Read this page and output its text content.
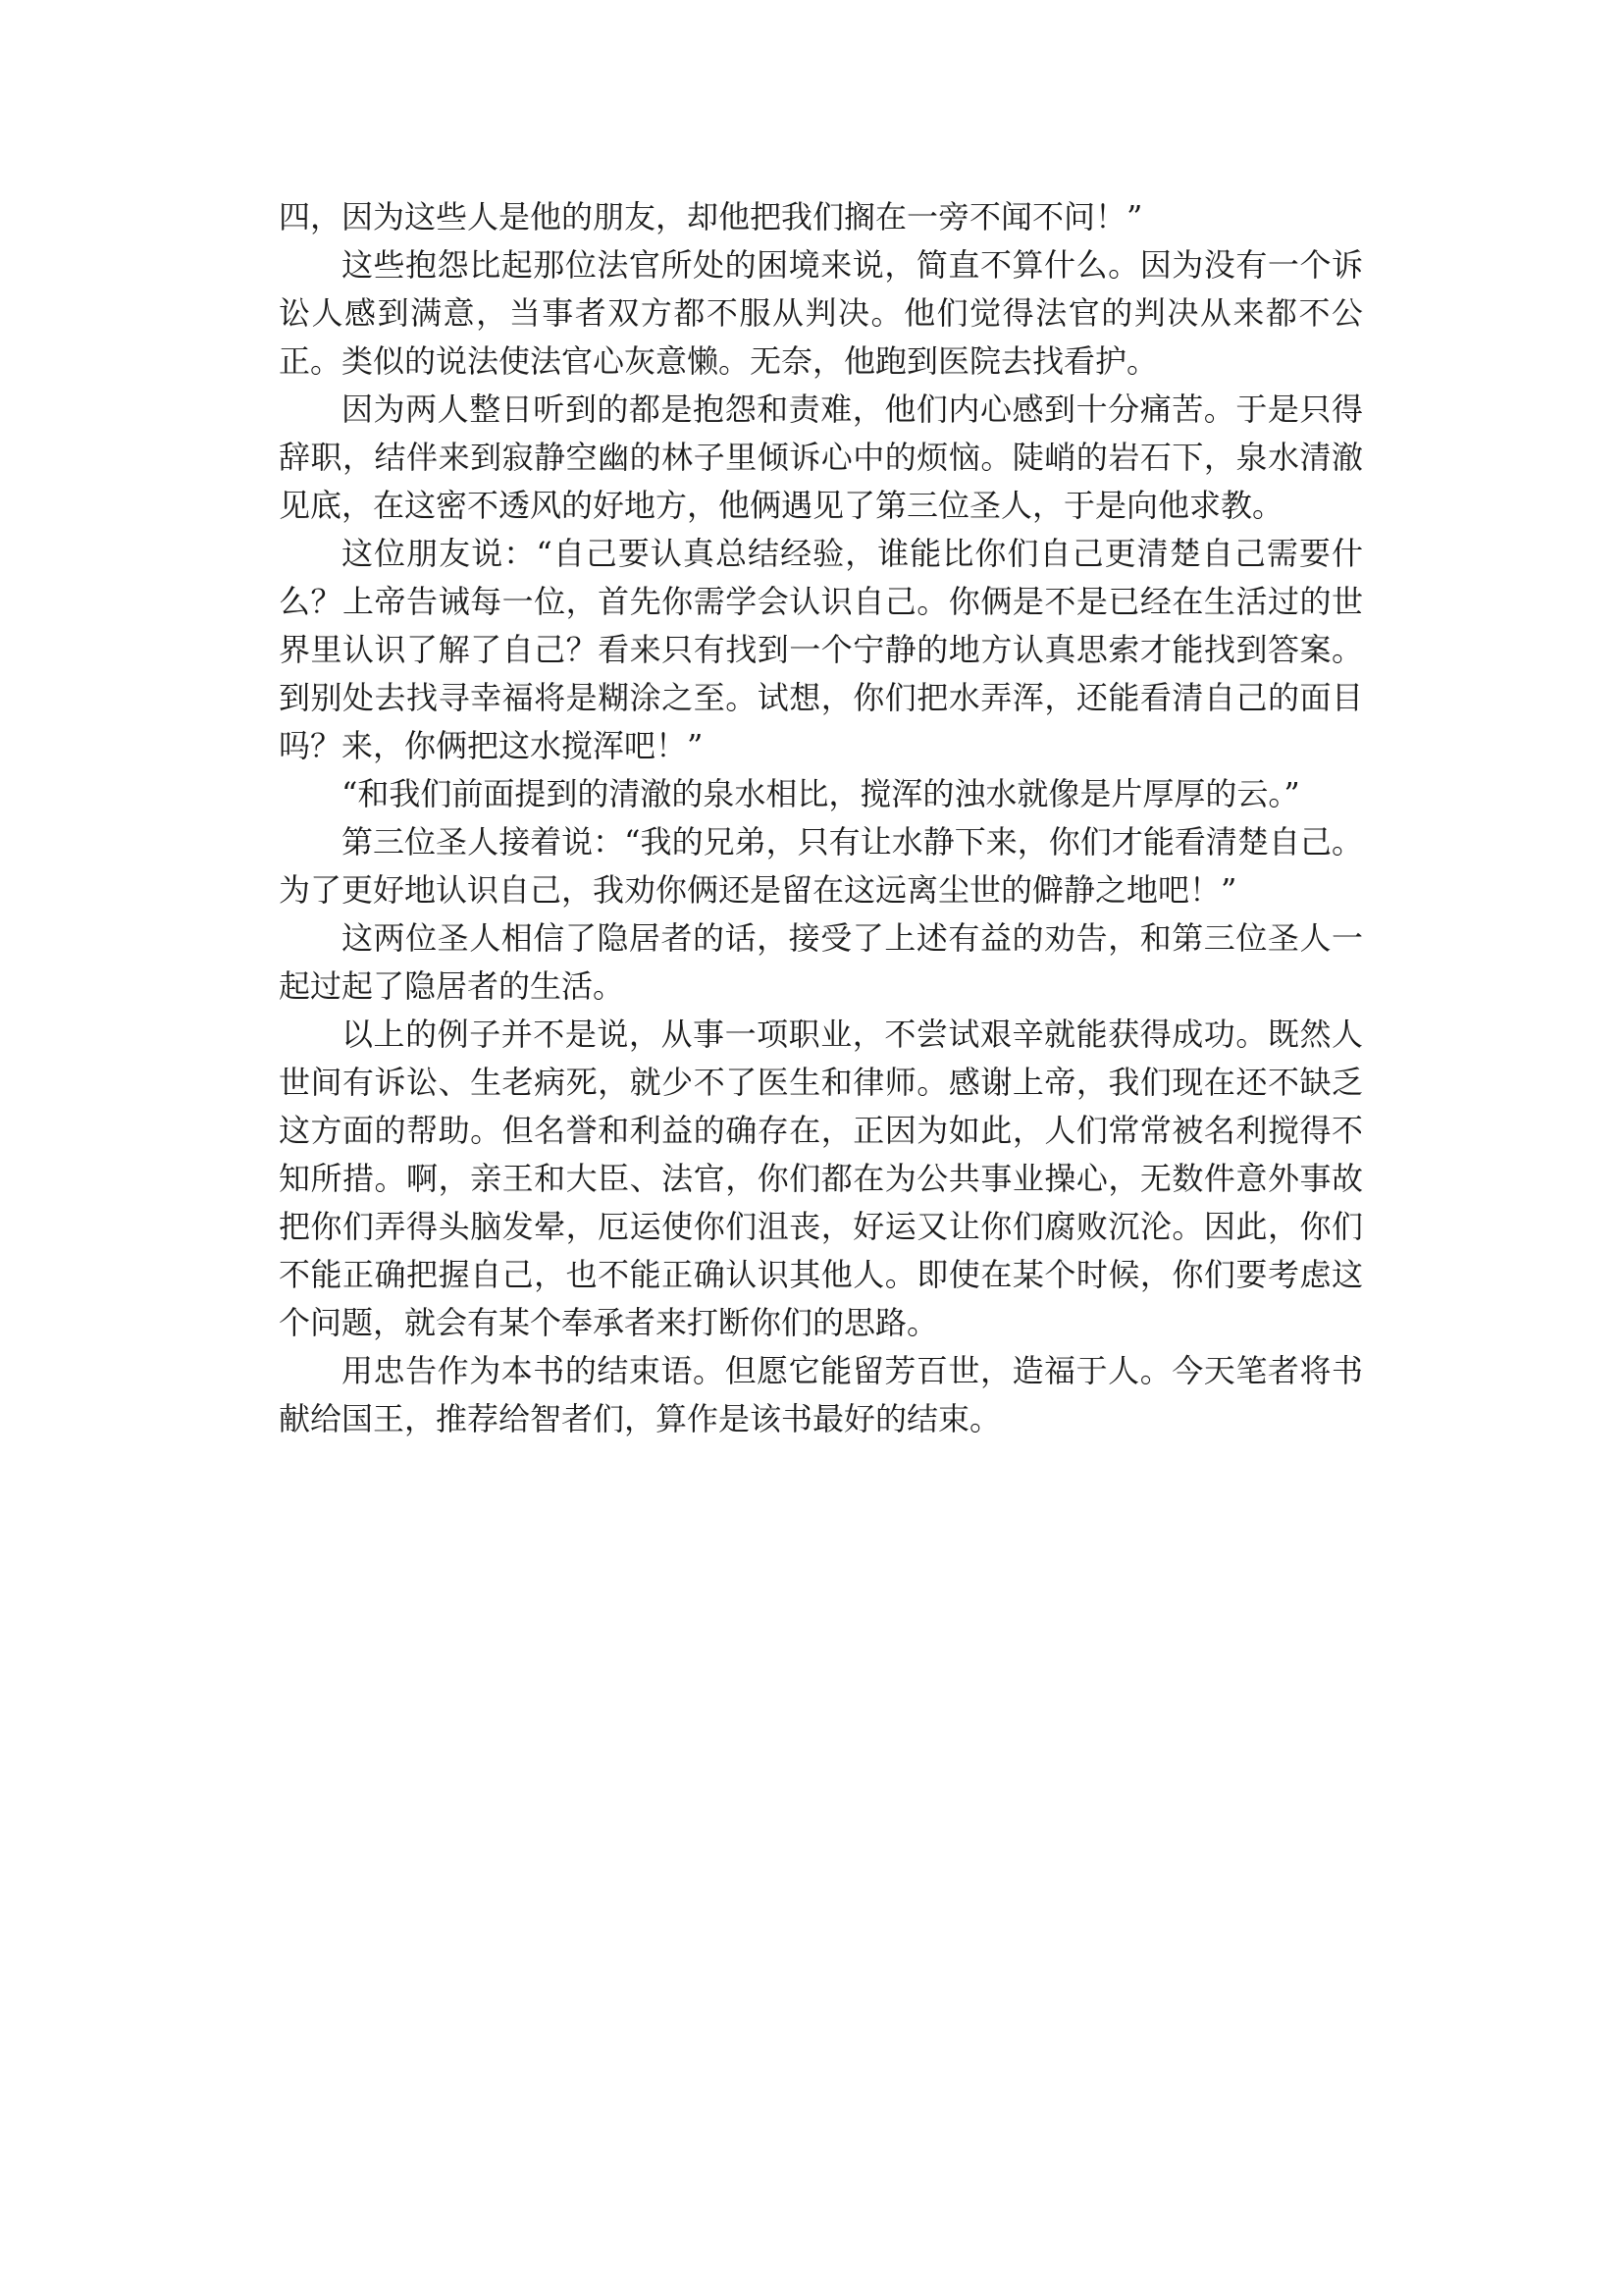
四，因为这些人是他的朋友，却他把我们搁在一旁不闻不问！”

这些抱怨比起那位法官所处的困境来说，简直不算什么。因为没有一个诉讼人感到满意，当事者双方都不服从判决。他们觉得法官的判决从来都不公正。类似的说法使法官心灰意懒。无奈，他跑到医院去找看护。

因为两人整日听到的都是抱怨和责难，他们内心感到十分痛苦。于是只得辞职，结伴来到寂静空幽的林子里倾诉心中的烦恼。陡峭的岩石下，泉水清澈见底，在这密不透风的好地方，他俩遇见了第三位圣人，于是向他求教。

这位朋友说：“自己要认真总结经验，谁能比你们自己更清楚自己需要什么？上帝告诫每一位，首先你需学会认识自己。你俩是不是已经在生活过的世界里认识了解了自己？看来只有找到一个宁静的地方认真思索才能找到答案。到别处去找寻幸福将是糊涂之至。试想，你们把水弄浑，还能看清自己的面目吗？来，你俩把这水搅浑吧！”

“和我们前面提到的清澈的泉水相比，搅浑的浊水就像是片厚厚的云。”

第三位圣人接着说：“我的兄弟，只有让水静下来，你们才能看清楚自己。为了更好地认识自己，我劝你俩还是留在这远离尘世的僻静之地吧！”

这两位圣人相信了隐居者的话，接受了上述有益的劝告，和第三位圣人一起过起了隐居者的生活。

以上的例子并不是说，从事一项职业，不尝试艰辛就能获得成功。既然人世间有诉讼、生老病死，就少不了医生和律师。感谢上帝，我们现在还不缺乏这方面的帮助。但名誉和利益的确存在，正因为如此，人们常常被名利搅得不知所措。啊，亲王和大臣、法官，你们都在为公共事业操心，无数件意外事故把你们弄得头脑发晕，厄运使你们沮丧，好运又让你们腐败沉沦。因此，你们不能正确把握自己，也不能正确认识其他人。即使在某个时候，你们要考虑这个问题，就会有某个奉承者来打断你们的思路。

用忠告作为本书的结束语。但愿它能留芳百世，造福于人。今天笔者将书献给国王，推荐给智者们，算作是该书最好的结束。
